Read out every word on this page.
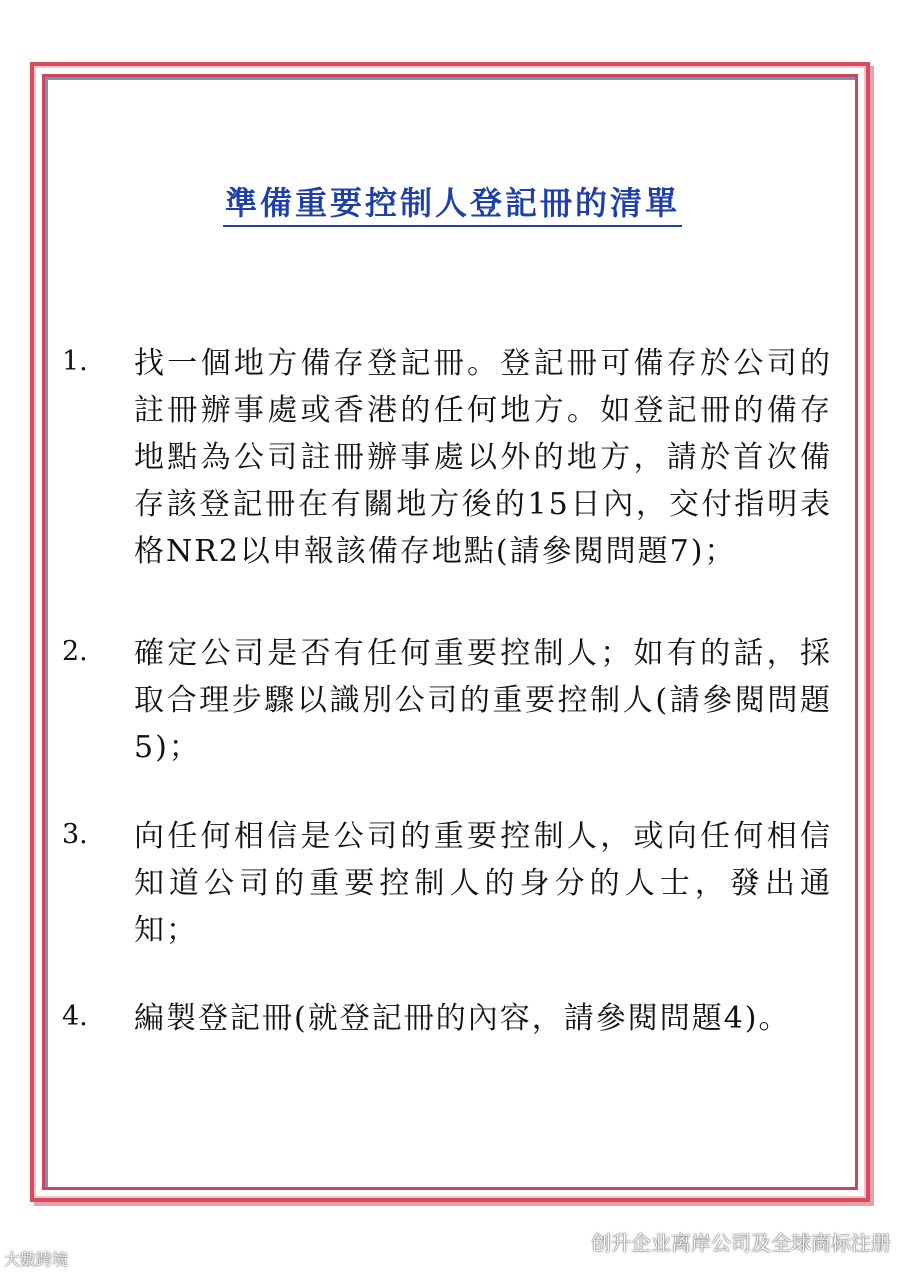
準備重要控制人登記冊的清單
1. 找一個地方備存登記冊。登記冊可備存於公司的註冊辦事處或香港的任何地方。如登記冊的備存地點為公司註冊辦事處以外的地方，請於首次備存該登記冊在有關地方後的15日內，交付指明表格NR2以申報該備存地點(請參閱問題7)；

2. 確定公司是否有任何重要控制人；如有的話，採取合理步驟以識別公司的重要控制人(請參閱問題5)；

3. 向任何相信是公司的重要控制人，或向任何相信知道公司的重要控制人的身分的人士，發出通知；

4. 編製登記冊(就登記冊的內容，請參閱問題4)。

大數跨境
创升企业离岸公司及全球商标注册
